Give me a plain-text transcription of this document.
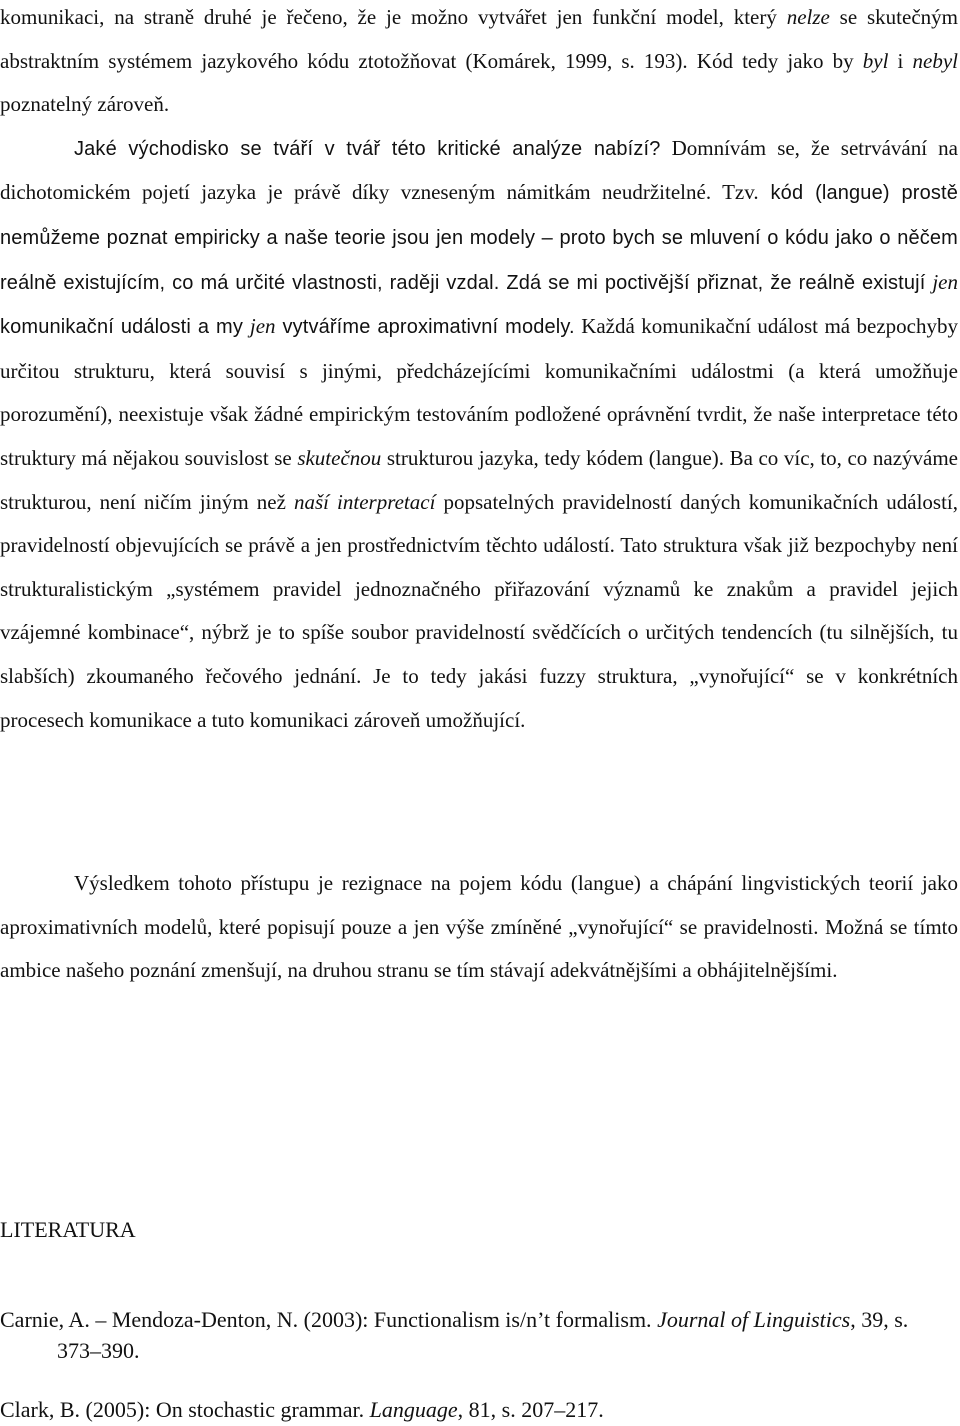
komunikaci, na straně druhé je řečeno, že je možno vytvářet jen funkční model, který nelze se skutečným abstraktním systémem jazykového kódu ztotožňovat (Komárek, 1999, s. 193). Kód tedy jako by byl i nebyl poznatelný zároveň.
Jaké východisko se tváří v tvář této kritické analýze nabízí? Domnívám se, že setrvávání na dichotomickém pojetí jazyka je právě díky vzneseným námitkám neudržitelné. Tzv. kód (langue) prostě nemůžeme poznat empiricky a naše teorie jsou jen modely – proto bych se mluvení o kódu jako o něčem reálně existujícím, co má určité vlastnosti, raději vzdal. Zdá se mi poctivější přiznat, že reálně existují jen komunikační události a my jen vytváříme aproximativní modely. Každá komunikační událost má bezpochyby určitou strukturu, která souvisí s jinými, předcházejícími komunikačními událostmi (a která umožňuje porozumění), neexistuje však žádné empirickým testováním podložené oprávnění tvrdit, že naše interpretace této struktury má nějakou souvislost se skutečnou strukturou jazyka, tedy kódem (langue). Ba co víc, to, co nazýváme strukturou, není ničím jiným než naší interpretací popsatelných pravidelností daných komunikačních událostí, pravidelností objevujících se právě a jen prostřednictvím těchto událostí. Tato struktura však již bezpochyby není strukturalistickým „systémem pravidel jednoznačného přiřazování významů ke znakům a pravidel jejich vzájemné kombinace“, nýbrž je to spíše soubor pravidelností svědčících o určitých tendencích (tu silnějších, tu slabších) zkoumaného řečového jednání. Je to tedy jakási fuzzy struktura, „vynořující“ se v konkrétních procesech komunikace a tuto komunikaci zároveň umožňující.

Výsledkem tohoto přístupu je rezignace na pojem kódu (langue) a chápání lingvistických teorií jako aproximativních modelů, které popisují pouze a jen výše zmíněné „vynořující“ se pravidelnosti. Možná se tímto ambice našeho poznání zmenšují, na druhou stranu se tím stávají adekvátnějšími a obhájitelnějšími.

LITERATURA

Carnie, A. – Mendoza-Denton, N. (2003): Functionalism is/n’t formalism. Journal of Linguistics, 39, s. 373–390.

Clark, B. (2005): On stochastic grammar. Language, 81, s. 207–217.
